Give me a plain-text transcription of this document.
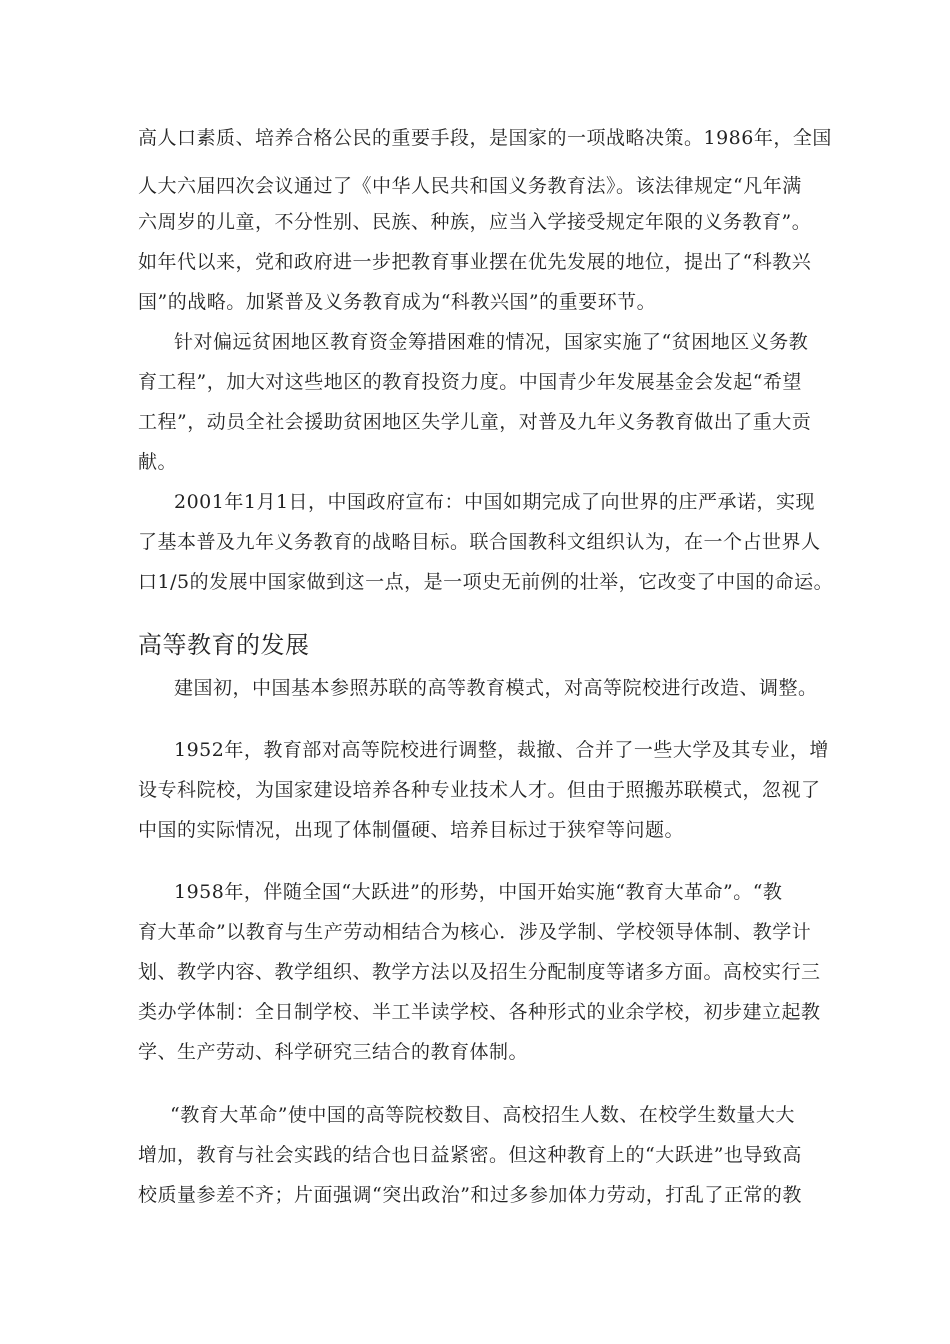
高人口素质、培养合格公民的重要手段，是国家的一项战略决策。1986年，全国
人大六届四次会议通过了《中华人民共和国义务教育法》。该法律规定“凡年满
六周岁的儿童，不分性别、民族、种族，应当入学接受规定年限的义务教育”。
如年代以来，党和政府进一步把教育事业摆在优先发展的地位，提出了“科教兴
国”的战略。加紧普及义务教育成为“科教兴国”的重要环节。
针对偏远贫困地区教育资金筹措困难的情况，国家实施了“贫困地区义务教
育工程”，加大对这些地区的教育投资力度。中国青少年发展基金会发起“希望
工程”，动员全社会援助贫困地区失学儿童，对普及九年义务教育做出了重大贡
献。
2001年1月1日，中国政府宣布：中国如期完成了向世界的庄严承诺，实现
了基本普及九年义务教育的战略目标。联合国教科文组织认为，在一个占世界人
口1/5的发展中国家做到这一点，是一项史无前例的壮举，它改变了中国的命运。
高等教育的发展
建国初，中国基本参照苏联的高等教育模式，对高等院校进行改造、调整。
1952年，教育部对高等院校进行调整，裁撤、合并了一些大学及其专业，增
设专科院校，为国家建设培养各种专业技术人才。但由于照搬苏联模式，忽视了
中国的实际情况，出现了体制僵硬、培养目标过于狭窄等问题。
1958年，伴随全国“大跃进”的形势，中国开始实施“教育大革命”。“教
育大革命”以教育与生产劳动相结合为核心．涉及学制、学校领导体制、教学计
划、教学内容、教学组织、教学方法以及招生分配制度等诸多方面。高校实行三
类办学体制：全日制学校、半工半读学校、各种形式的业余学校，初步建立起教
学、生产劳动、科学研究三结合的教育体制。
“教育大革命”使中国的高等院校数目、高校招生人数、在校学生数量大大
增加，教育与社会实践的结合也日益紧密。但这种教育上的“大跃进”也导致高
校质量参差不齐；片面强调“突出政治”和过多参加体力劳动，打乱了正常的教
